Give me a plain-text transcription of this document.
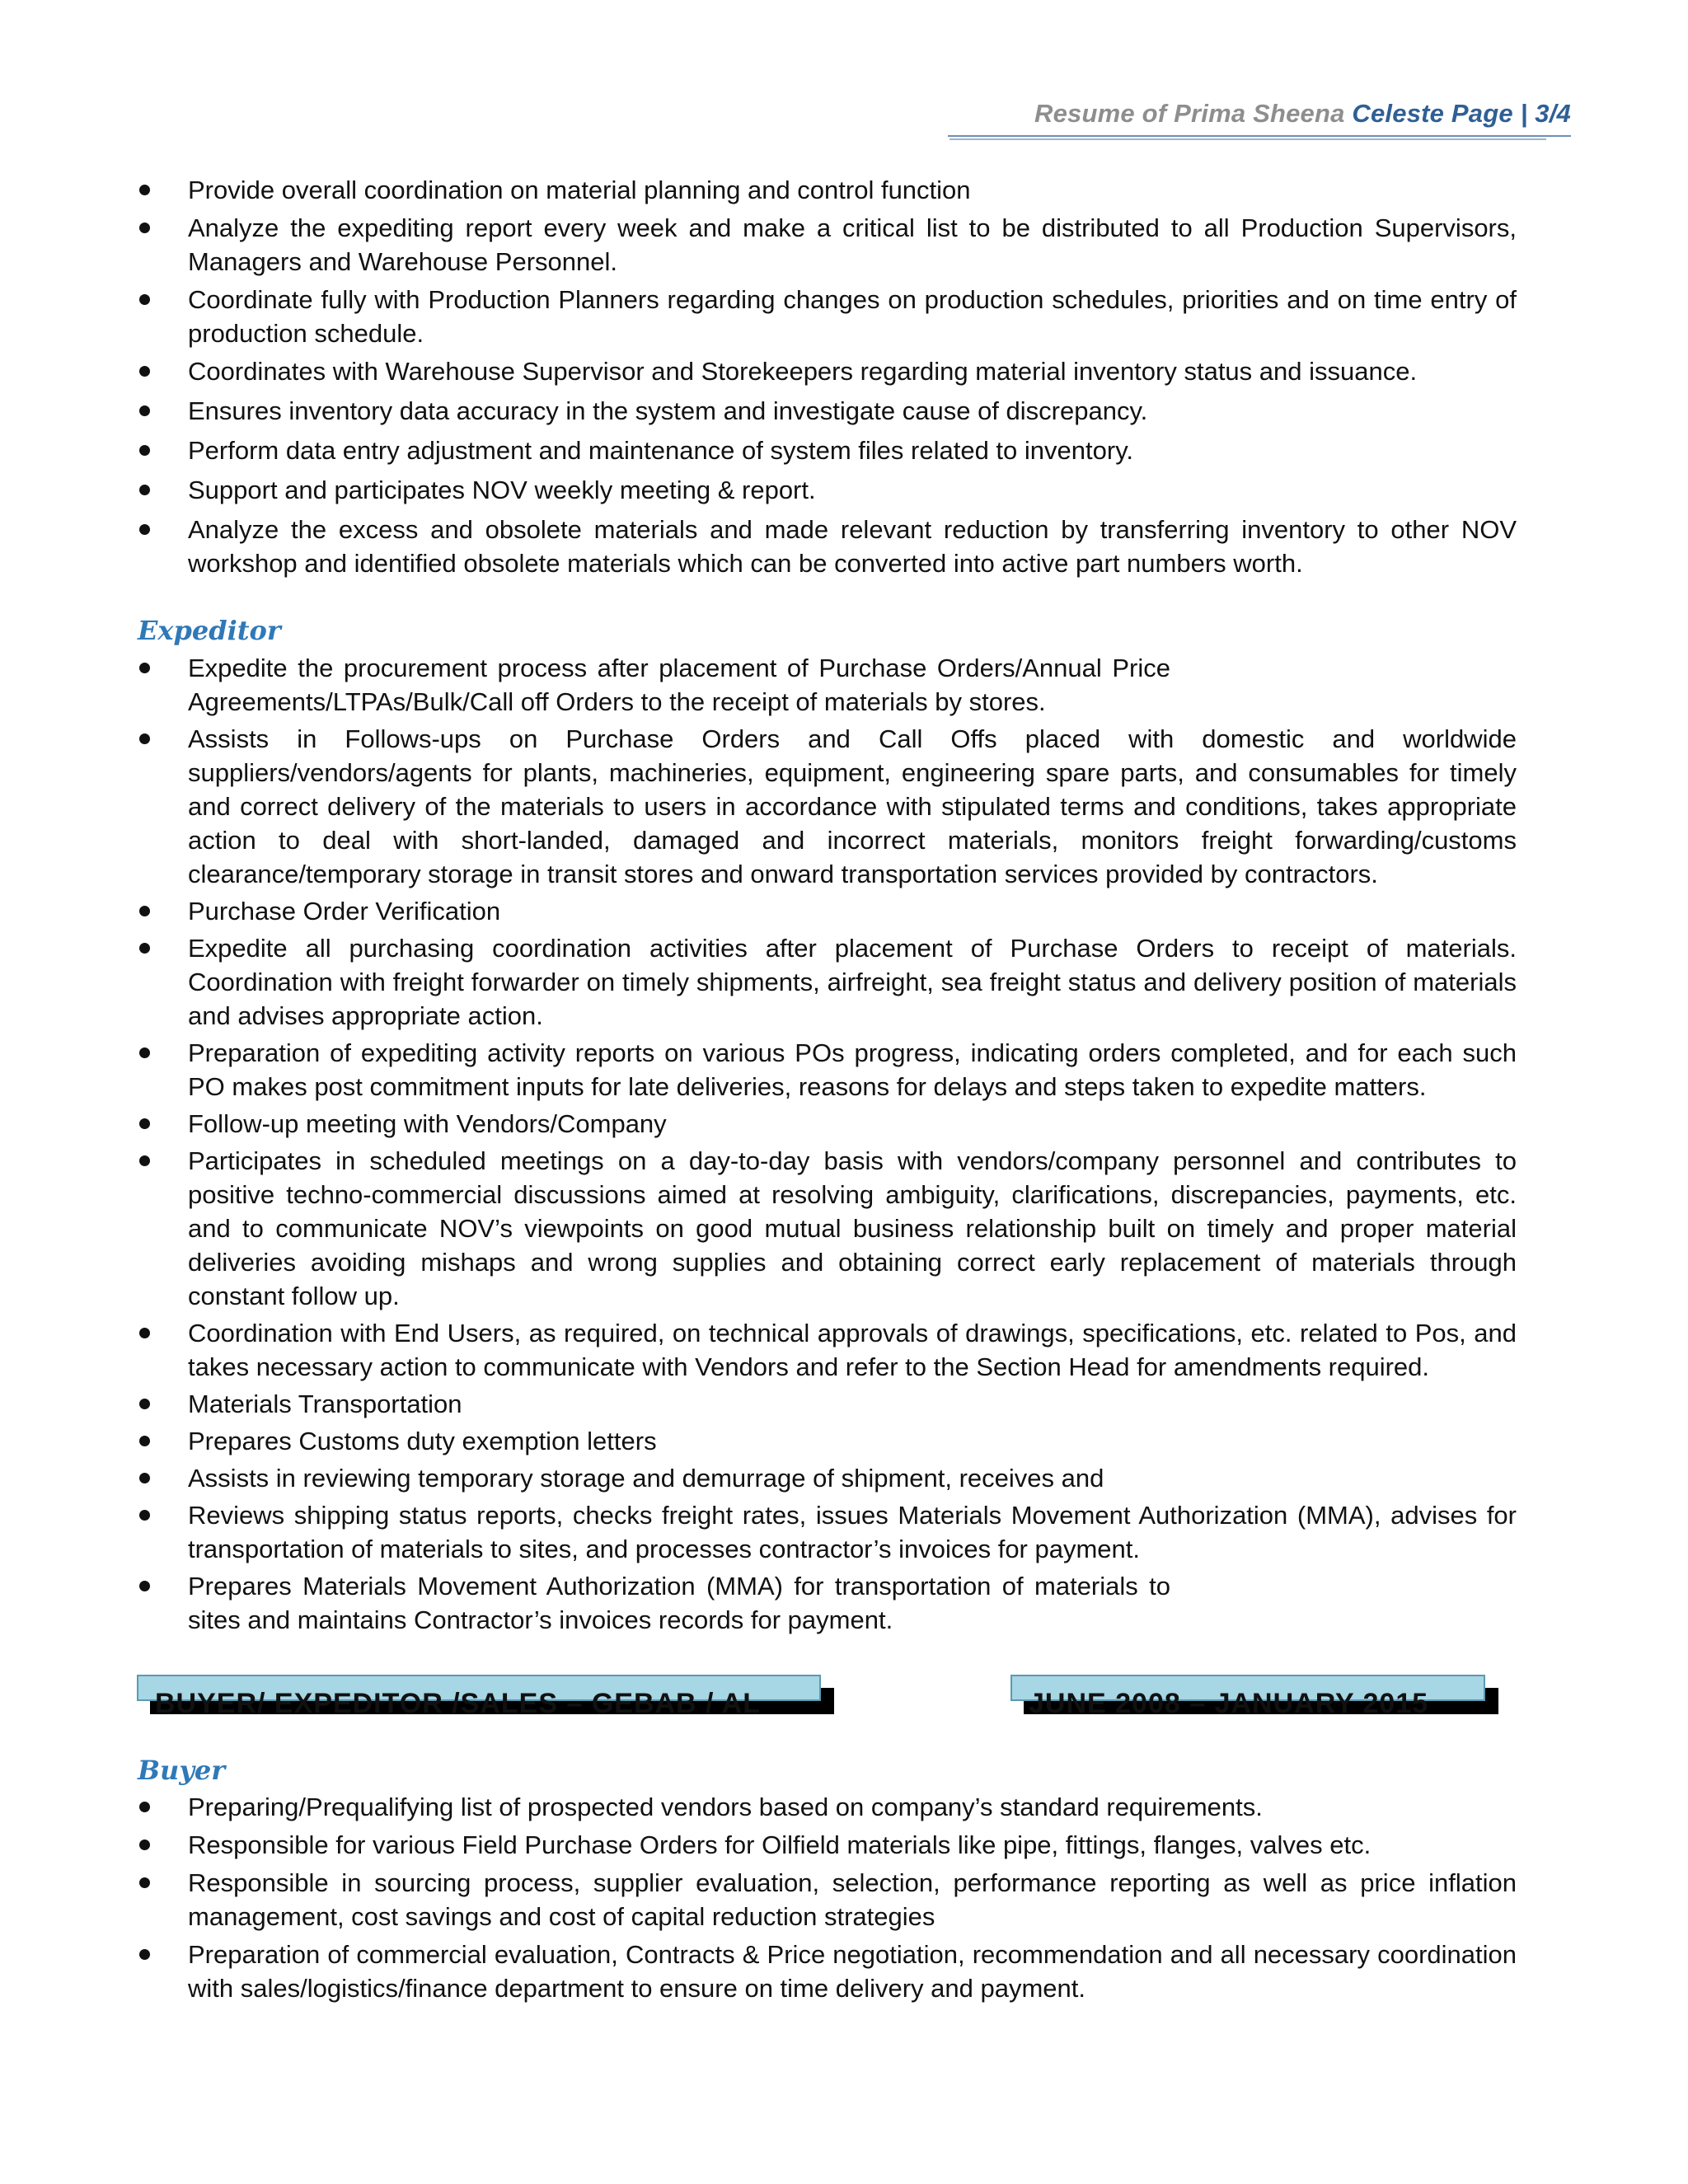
Resume of Prima Sheena Celeste Page | 3/4
Provide overall coordination on material planning and control function
Analyze the expediting report every week and make a critical list to be distributed to all Production Supervisors, Managers and Warehouse Personnel.
Coordinate fully with Production Planners regarding changes on production schedules, priorities and on time entry of production schedule.
Coordinates with Warehouse Supervisor and Storekeepers regarding material inventory status and issuance.
Ensures inventory data accuracy in the system and investigate cause of discrepancy.
Perform data entry adjustment and maintenance of system files related to inventory.
Support and participates NOV weekly meeting & report.
Analyze the excess and obsolete materials and made relevant reduction by transferring inventory to other NOV workshop and identified obsolete materials which can be converted into active part numbers worth.
Expeditor
Expedite the procurement process after placement of Purchase Orders/Annual Price Agreements/LTPAs/Bulk/Call off Orders to the receipt of materials by stores.
Assists in Follows-ups on Purchase Orders and Call Offs placed with domestic and worldwide suppliers/vendors/agents for plants, machineries, equipment, engineering spare parts, and consumables for timely and correct delivery of the materials to users in accordance with stipulated terms and conditions, takes appropriate action to deal with short-landed, damaged and incorrect materials, monitors freight forwarding/customs clearance/temporary storage in transit stores and onward transportation services provided by contractors.
Purchase Order Verification
Expedite all purchasing coordination activities after placement of Purchase Orders to receipt of materials. Coordination with freight forwarder on timely shipments, airfreight, sea freight status and delivery position of materials and advises appropriate action.
Preparation of expediting activity reports on various POs progress, indicating orders completed, and for each such PO makes post commitment inputs for late deliveries, reasons for delays and steps taken to expedite matters.
Follow-up meeting with Vendors/Company
Participates in scheduled meetings on a day-to-day basis with vendors/company personnel and contributes to positive techno-commercial discussions aimed at resolving ambiguity, clarifications, discrepancies, payments, etc. and to communicate NOV’s viewpoints on good mutual business relationship built on timely and proper material deliveries avoiding mishaps and wrong supplies and obtaining correct early replacement of materials through constant follow up.
Coordination with End Users, as required, on technical approvals of drawings, specifications, etc. related to Pos, and takes necessary action to communicate with Vendors and refer to the Section Head for amendments required.
Materials Transportation
Prepares Customs duty exemption letters
Assists in reviewing temporary storage and demurrage of shipment, receives and
Reviews shipping status reports, checks freight rates, issues Materials Movement Authorization (MMA), advises for transportation of materials to sites, and processes contractor’s invoices for payment.
Prepares Materials Movement Authorization (MMA) for transportation of materials to sites and maintains Contractor’s invoices records for payment.
BUYER/ EXPEDITOR /SALES – GEBAB / AL	JUNE 2008 – JANUARY 2015
Buyer
Preparing/Prequalifying list of prospected vendors based on company’s standard requirements.
Responsible for various Field Purchase Orders for Oilfield materials like pipe, fittings, flanges, valves etc.
Responsible in sourcing process, supplier evaluation, selection, performance reporting as well as price inflation management, cost savings and cost of capital reduction strategies
Preparation of commercial evaluation, Contracts & Price negotiation, recommendation and all necessary coordination with sales/logistics/finance department to ensure on time delivery and payment.
